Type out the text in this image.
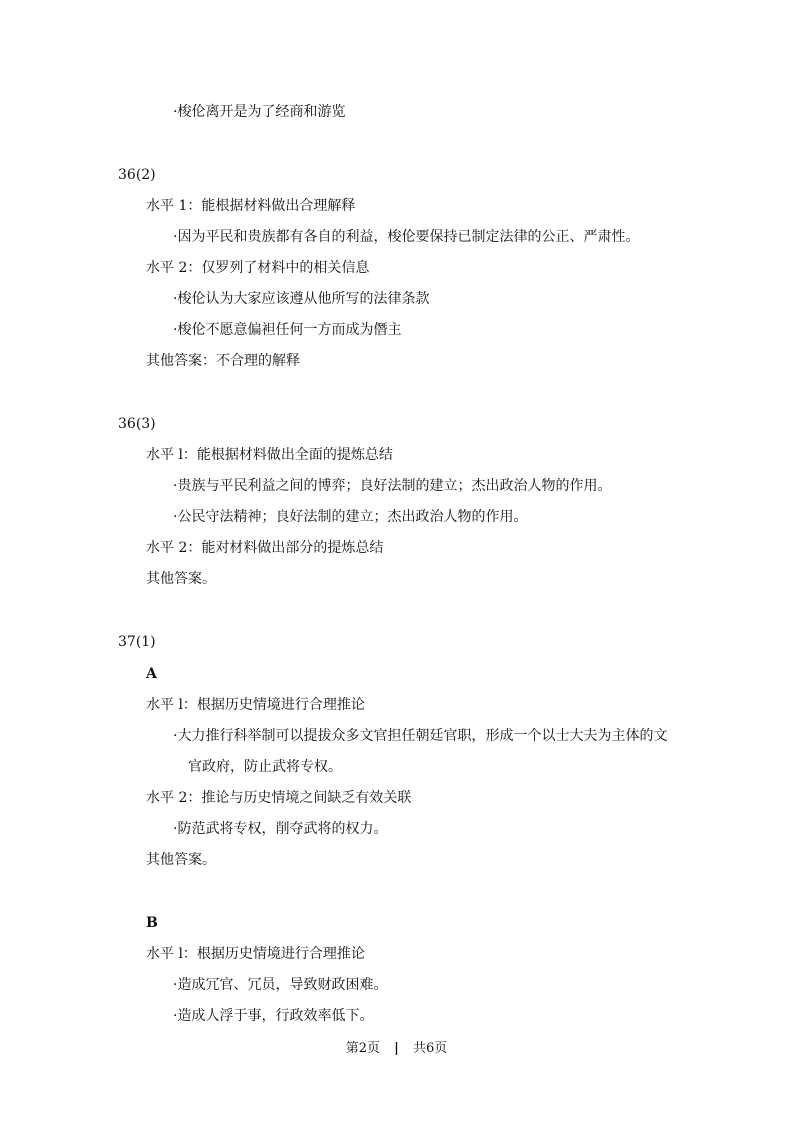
·梭伦离开是为了经商和游览
36(2)
水平 1：能根据材料做出合理解释
·因为平民和贵族都有各自的利益，梭伦要保持已制定法律的公正、严肃性。
水平 2：仅罗列了材料中的相关信息
·梭伦认为大家应该遵从他所写的法律条款
·梭伦不愿意偏袒任何一方而成为僭主
其他答案：不合理的解释
36(3)
水平 l：能根据材料做出全面的提炼总结
·贵族与平民利益之间的博弈；良好法制的建立；杰出政治人物的作用。
·公民守法精神；良好法制的建立；杰出政治人物的作用。
水平 2：能对材料做出部分的提炼总结
其他答案。
37(1)
A
水平 l：根据历史情境进行合理推论
·大力推行科举制可以提拔众多文官担任朝廷官职，形成一个以士大夫为主体的文
官政府，防止武将专权。
水平 2：推论与历史情境之间缺乏有效关联
·防范武将专权，削夺武将的权力。
其他答案。
B
水平 l：根据历史情境进行合理推论
·造成冗官、冗员，导致财政困难。
·造成人浮于事，行政效率低下。
第2页 | 共6页
